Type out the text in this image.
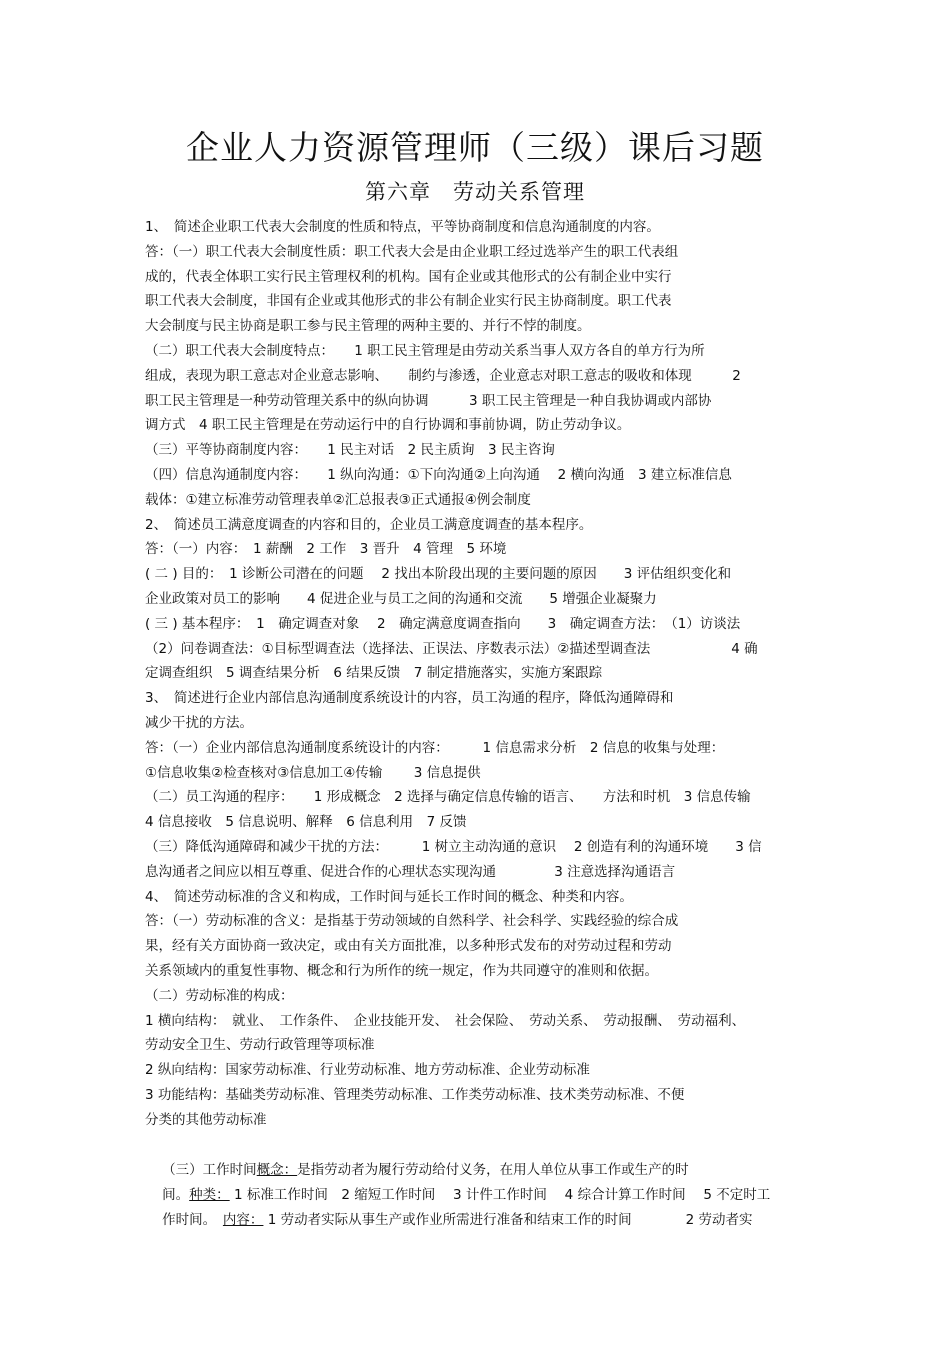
企业人力资源管理师（三级）课后习题
第六章　劳动关系管理
1、　简述企业职工代表大会制度的性质和特点，平等协商制度和信息沟通制度的内容。
答：（一）职工代表大会制度性质：职工代表大会是由企业职工经过选举产生的职工代表组
成的，代表全体职工实行民主管理权利的机构。国有企业或其他形式的公有制企业中实行
职工代表大会制度，非国有企业或其他形式的非公有制企业实行民主协商制度。职工代表
大会制度与民主协商是职工参与民主管理的两种主要的、并行不悖的制度。
（二）职工代表大会制度特点：　　1 职工民主管理是由劳动关系当事人双方各自的单方行为所
组成，表现为职工意志对企业意志影响、　　制约与渗透，企业意志对职工意志的吸收和体现　　　2
职工民主管理是一种劳动管理关系中的纵向协调　　　3 职工民主管理是一种自我协调或内部协
调方式　4 职工民主管理是在劳动运行中的自行协调和事前协调，防止劳动争议。
（三）平等协商制度内容：　　1 民主对话　2 民主质询　3 民主咨询
（四）信息沟通制度内容：　　1 纵向沟通：①下向沟通②上向沟通　 2 横向沟通　3 建立标准信息
载体：①建立标准劳动管理表单②汇总报表③正式通报④例会制度
2、　简述员工满意度调查的内容和目的，企业员工满意度调查的基本程序。
答：（一）内容：　1 薪酬　2 工作　3 晋升　4 管理　5 环境
( 二 ) 目的：　1 诊断公司潜在的问题　 2 找出本阶段出现的主要问题的原因　　3 评估组织变化和
企业政策对员工的影响　　4 促进企业与员工之间的沟通和交流　　5 增强企业凝聚力
( 三 ) 基本程序：　1　确定调查对象　 2　确定满意度调查指向　　3　确定调查方法：　（1）访谈法
（2）问卷调查法：①目标型调查法（选择法、正误法、序数表示法）②描述型调查法　　　　　　4 确
定调查组织　5 调查结果分析　6 结果反馈　7 制定措施落实，实施方案跟踪
3、　简述进行企业内部信息沟通制度系统设计的内容，员工沟通的程序，降低沟通障碍和
减少干扰的方法。
答：（一）企业内部信息沟通制度系统设计的内容：　　　1 信息需求分析　2 信息的收集与处理：
①信息收集②检查核对③信息加工④传输　　 3 信息提供
（二）员工沟通的程序：　　1 形成概念　2 选择与确定信息传输的语言、　　方法和时机　3 信息传输
4 信息接收　5 信息说明、解释　6 信息利用　7 反馈
（三）降低沟通障碍和减少干扰的方法：　　　1 树立主动沟通的意识　 2 创造有利的沟通环境　　3 信
息沟通者之间应以相互尊重、促进合作的心理状态实现沟通　　　　 3 注意选择沟通语言
4、　简述劳动标准的含义和构成，工作时间与延长工作时间的概念、种类和内容。
答：（一）劳动标准的含义：是指基于劳动领域的自然科学、社会科学、实践经验的综合成
果，经有关方面协商一致决定，或由有关方面批准，以多种形式发布的对劳动过程和劳动
关系领域内的重复性事物、概念和行为所作的统一规定，作为共同遵守的准则和依据。
（二）劳动标准的构成：
1 横向结构：　就业、　工作条件、　企业技能开发、　社会保险、　劳动关系、　劳动报酬、　劳动福利、
劳动安全卫生、劳动行政管理等项标准
2 纵向结构：国家劳动标准、行业劳动标准、地方劳动标准、企业劳动标准
3 功能结构：基础类劳动标准、管理类劳动标准、工作类劳动标准、技术类劳动标准、不便
分类的其他劳动标准

（三）工作时间概念：是指劳动者为履行劳动给付义务，在用人单位从事工作或生产的时

间。种类： 1 标准工作时间　2 缩短工作时间　 3 计件工作时间　 4 综合计算工作时间　 5 不定时工

作时间。　内容： 1 劳动者实际从事生产或作业所需进行准备和结束工作的时间　　　　2 劳动者实
